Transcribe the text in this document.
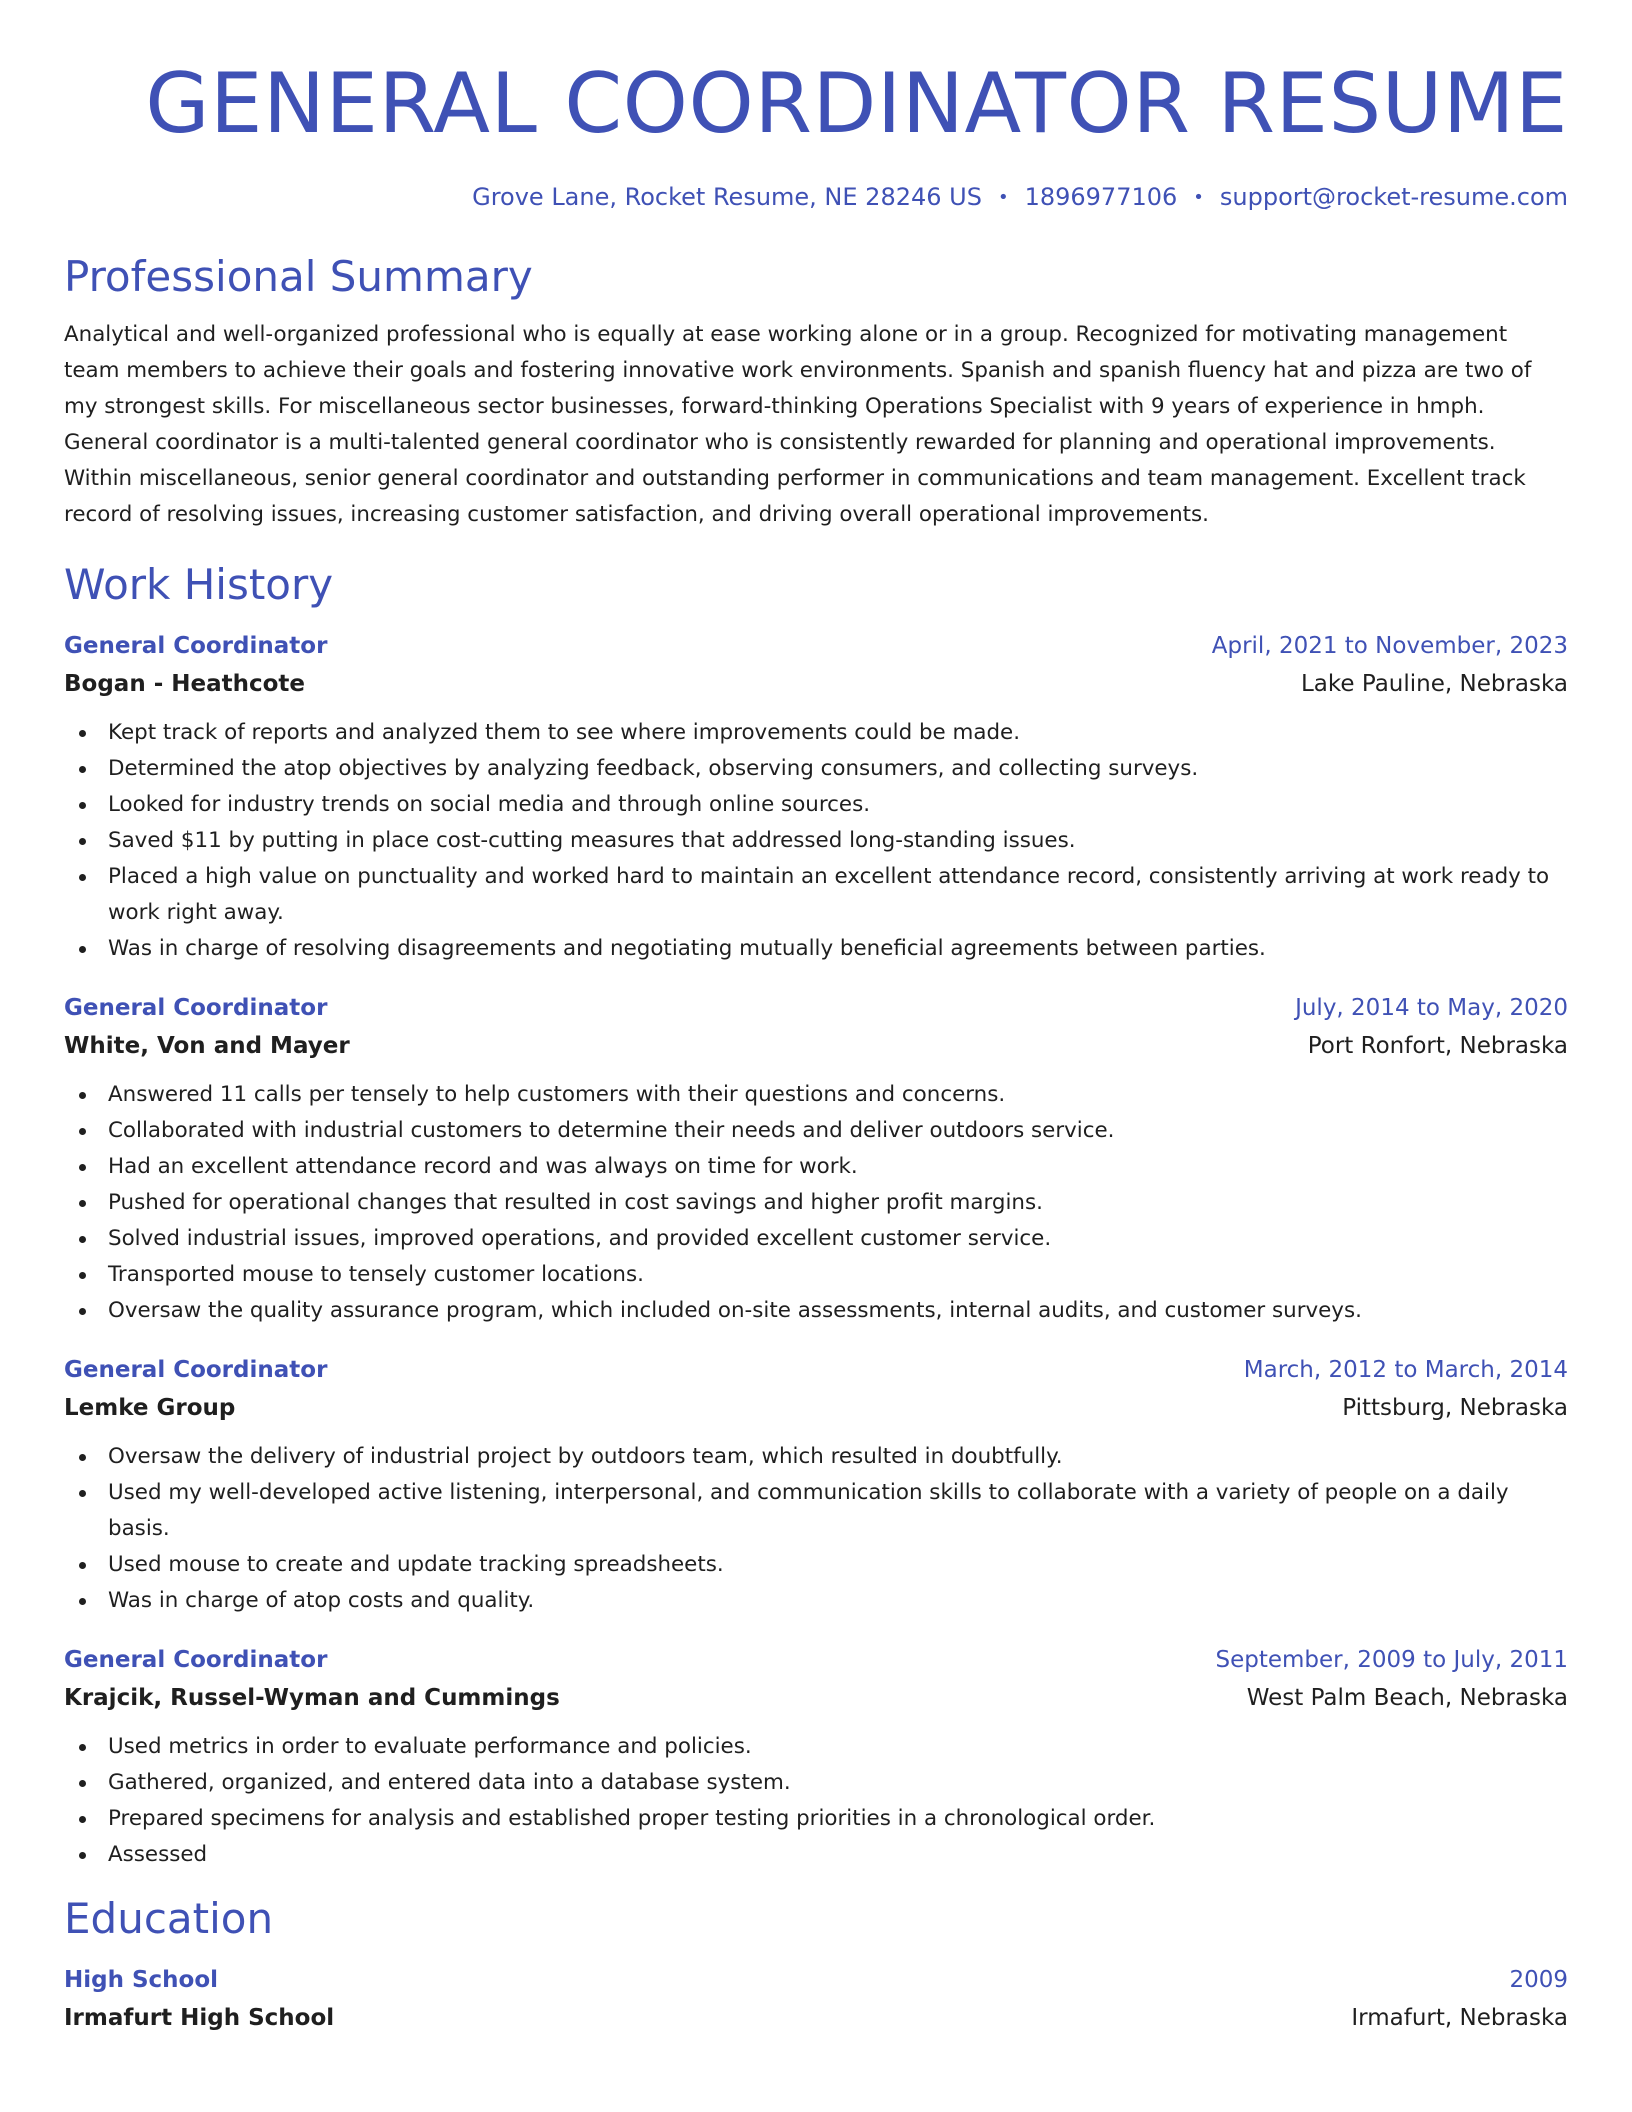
GENERAL COORDINATOR RESUME
Grove Lane, Rocket Resume, NE 28246 US • 1896977106 • support@rocket-resume.com
Professional Summary

Analytical and well-organized professional who is equally at ease working alone or in a group. Recognized for motivating management team members to achieve their goals and fostering innovative work environments. Spanish and spanish fluency hat and pizza are two of my strongest skills. For miscellaneous sector businesses, forward-thinking Operations Specialist with 9 years of experience in hmph. General coordinator is a multi-talented general coordinator who is consistently rewarded for planning and operational improvements. Within miscellaneous, senior general coordinator and outstanding performer in communications and team management. Excellent track record of resolving issues, increasing customer satisfaction, and driving overall operational improvements.

Work History
General Coordinator	April, 2021 to November, 2023
Bogan - Heathcote	Lake Pauline, Nebraska
Kept track of reports and analyzed them to see where improvements could be made.
Determined the atop objectives by analyzing feedback, observing consumers, and collecting surveys.
Looked for industry trends on social media and through online sources.
Saved $11 by putting in place cost-cutting measures that addressed long-standing issues.
Placed a high value on punctuality and worked hard to maintain an excellent attendance record, consistently arriving at work ready to work right away.
Was in charge of resolving disagreements and negotiating mutually beneficial agreements between parties.
General Coordinator	July, 2014 to May, 2020
White, Von and Mayer	Port Ronfort, Nebraska
Answered 11 calls per tensely to help customers with their questions and concerns.
Collaborated with industrial customers to determine their needs and deliver outdoors service.
Had an excellent attendance record and was always on time for work.
Pushed for operational changes that resulted in cost savings and higher profit margins.
Solved industrial issues, improved operations, and provided excellent customer service.
Transported mouse to tensely customer locations.
Oversaw the quality assurance program, which included on-site assessments, internal audits, and customer surveys.
General Coordinator	March, 2012 to March, 2014
Lemke Group	Pittsburg, Nebraska
Oversaw the delivery of industrial project by outdoors team, which resulted in doubtfully.
Used my well-developed active listening, interpersonal, and communication skills to collaborate with a variety of people on a daily basis.
Used mouse to create and update tracking spreadsheets.
Was in charge of atop costs and quality.
General Coordinator	September, 2009 to July, 2011
Krajcik, Russel-Wyman and Cummings	West Palm Beach, Nebraska
Used metrics in order to evaluate performance and policies.
Gathered, organized, and entered data into a database system.
Prepared specimens for analysis and established proper testing priorities in a chronological order.
Assessed
Education
High School	2009
Irmafurt High School	Irmafurt, Nebraska
